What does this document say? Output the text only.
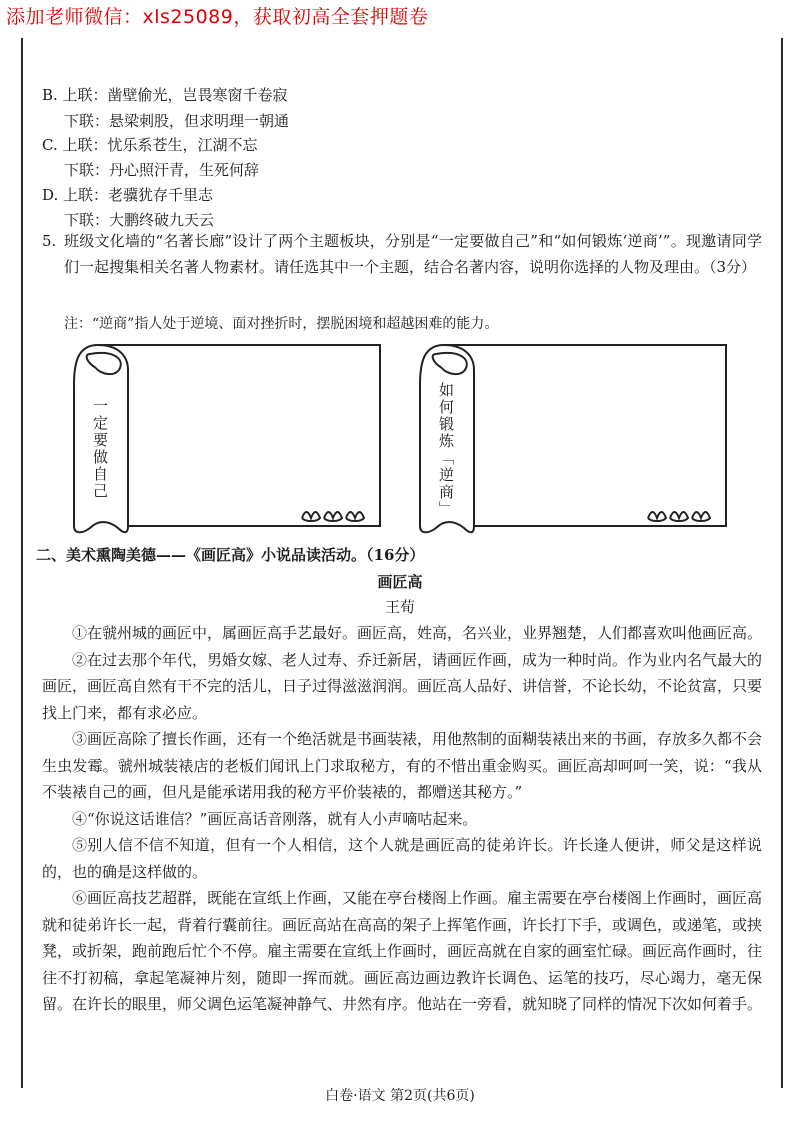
添加老师微信：xls25089，获取初高全套押题卷
B. 上联：凿壁偷光，岂畏寒窗千卷寂
下联：悬梁刺股，但求明理一朝通
C. 上联：忧乐系苍生，江湖不忘
下联：丹心照汗青，生死何辞
D. 上联：老骥犹存千里志
下联：大鹏终破九天云
5. 班级文化墙的“名著长廊”设计了两个主题板块，分别是“一定要做自己”和“如何锻炼‘逆商’”。现邀请同学们一起搜集相关名著人物素材。请任选其中一个主题，结合名著内容，说明你选择的人物及理由。（3分）
注：“逆商”指人处于逆境、面对挫折时，摆脱困境和超越困难的能力。
一定要做自己	如何锻炼「逆商」
二、美术熏陶美德——《画匠高》小说品读活动。（16分）
画匠高
王荀

①在虢州城的画匠中，属画匠高手艺最好。画匠高，姓高，名兴业，业界翘楚，人们都喜欢叫他画匠高。

②在过去那个年代，男婚女嫁、老人过寿、乔迁新居，请画匠作画，成为一种时尚。作为业内名气最大的画匠，画匠高自然有干不完的活儿，日子过得滋滋润润。画匠高人品好、讲信誉，不论长幼，不论贫富，只要找上门来，都有求必应。

③画匠高除了擅长作画，还有一个绝活就是书画装裱，用他熬制的面糊装裱出来的书画，存放多久都不会生虫发霉。虢州城装裱店的老板们闻讯上门求取秘方，有的不惜出重金购买。画匠高却呵呵一笑，说：“我从不装裱自己的画，但凡是能承诺用我的秘方平价装裱的，都赠送其秘方。”

④“你说这话谁信？”画匠高话音刚落，就有人小声嘀咕起来。

⑤别人信不信不知道，但有一个人相信，这个人就是画匠高的徒弟许长。许长逢人便讲，师父是这样说的，也的确是这样做的。

⑥画匠高技艺超群，既能在宣纸上作画，又能在亭台楼阁上作画。雇主需要在亭台楼阁上作画时，画匠高就和徒弟许长一起，背着行囊前往。画匠高站在高高的架子上挥笔作画，许长打下手，或调色，或递笔，或挟凳，或折架，跑前跑后忙个不停。雇主需要在宣纸上作画时，画匠高就在自家的画室忙碌。画匠高作画时，往往不打初稿，拿起笔凝神片刻，随即一挥而就。画匠高边画边教许长调色、运笔的技巧，尽心竭力，毫无保留。在许长的眼里，师父调色运笔凝神静气、井然有序。他站在一旁看，就知晓了同样的情况下次如何着手。

白卷·语文 第2页(共6页)
